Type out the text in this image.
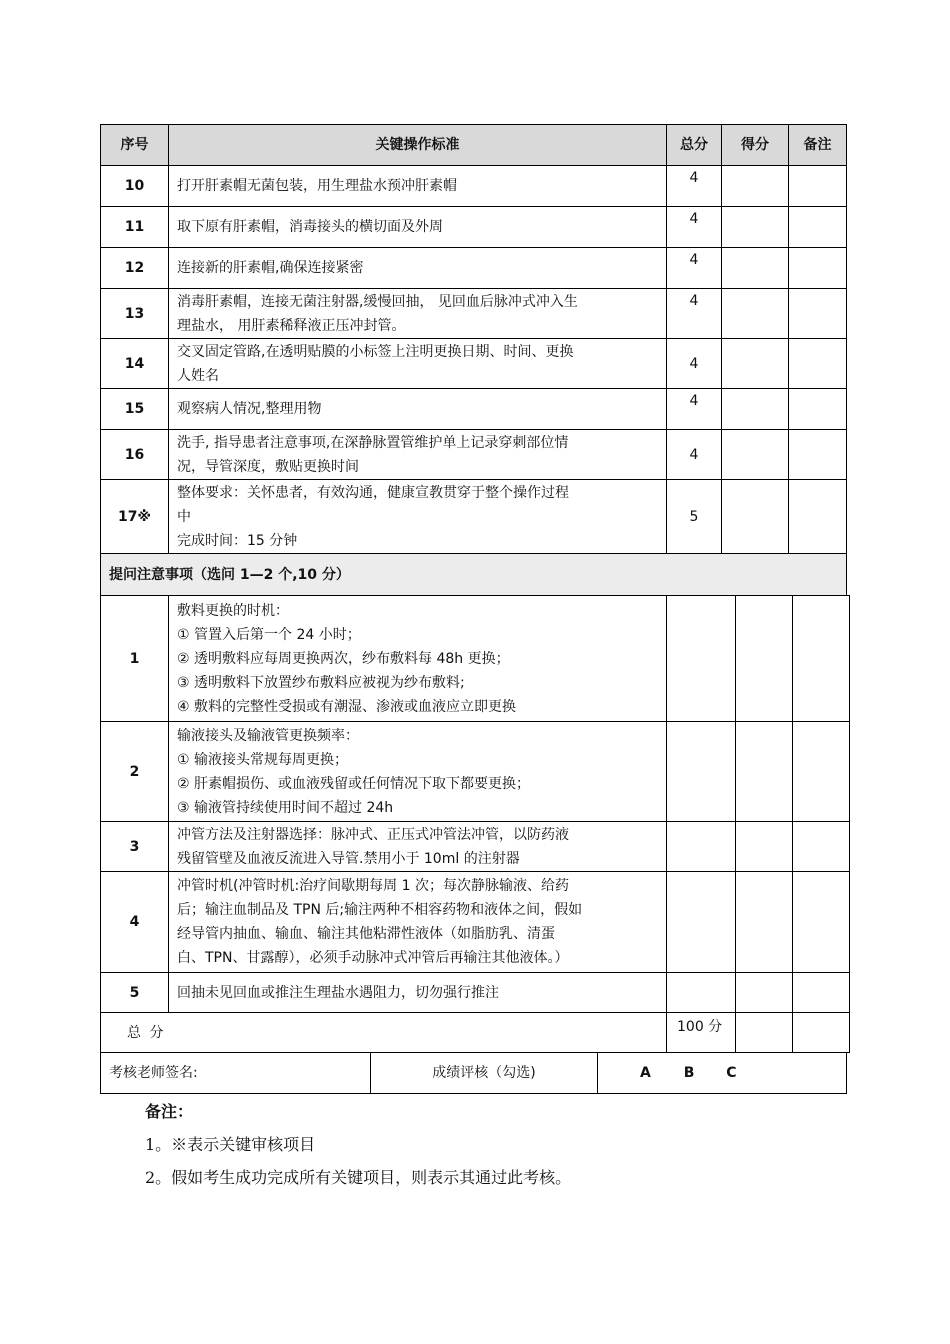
序号	关键操作标准	总分	得分	备注
10	打开肝素帽无菌包装，用生理盐水预冲肝素帽	4		
11	取下原有肝素帽，消毒接头的横切面及外周	4		
12	连接新的肝素帽,确保连接紧密	4		
13	消毒肝素帽，连接无菌注射器,缓慢回抽， 见回血后脉冲式冲入生
理盐水， 用肝素稀释液正压冲封管。	4		
14	交叉固定管路,在透明贴膜的小标签上注明更换日期、时间、更换
人姓名	4		
15	观察病人情况,整理用物	4		
16	洗手, 指导患者注意事项,在深静脉置管维护单上记录穿刺部位情
况，导管深度，敷贴更换时间	4		
17※	整体要求：关怀患者，有效沟通，健康宣教贯穿于整个操作过程
中
完成时间：15 分钟	5		
提问注意事项（选问 1—2 个,10 分）				
1	敷料更换的时机：
① 管置入后第一个 24 小时；
② 透明敷料应每周更换两次，纱布敷料每 48h 更换；
③ 透明敷料下放置纱布敷料应被视为纱布敷料;
④ 敷料的完整性受损或有潮湿、渗液或血液应立即更换			

2	输液接头及输液管更换频率：
① 输液接头常规每周更换；
② 肝素帽损伤、或血液残留或任何情况下取下都要更换；
③ 输液管持续使用时间不超过 24h			

3	冲管方法及注射器选择：脉冲式、正压式冲管法冲管，以防药液
残留管壁及血液反流进入导管.禁用小于 10ml 的注射器			

4	冲管时机(冲管时机:治疗间歇期每周 1 次；每次静脉输液、给药
后；输注血制品及 TPN 后;输注两种不相容药物和液体之间，假如
经导管内抽血、输血、输注其他粘滞性液体（如脂肪乳、清蛋
白、TPN、甘露醇），必须手动脉冲式冲管后再输注其他液体。）			

5	回抽未见回血或推注生理盐水遇阻力，切勿强行推注			

总 分		100 分		
考核老师签名:	成绩评核（勾选)	A B C
备注：
1。※表示关键审核项目
2。假如考生成功完成所有关键项目，则表示其通过此考核。
